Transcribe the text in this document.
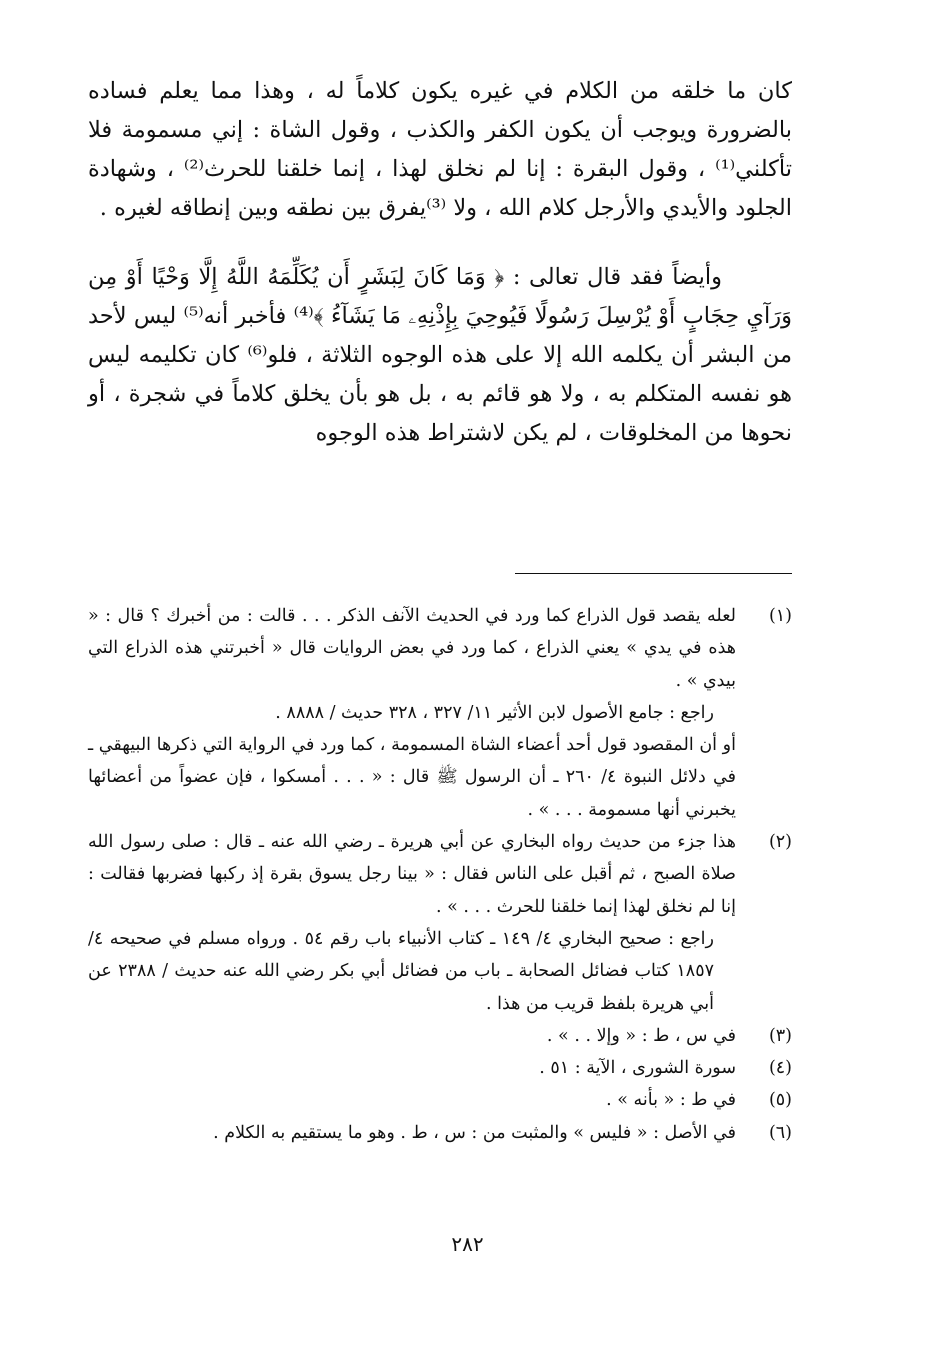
كان ما خلقه من الكلام في غيره يكون كلاماً له ، وهذا مما يعلم فساده بالضرورة ويوجب أن يكون الكفر والكذب ، وقول الشاة : إني مسمومة فلا تأكلني⁽¹⁾ ، وقول البقرة : إنا لم نخلق لهذا ، إنما خلقنا للحرث⁽²⁾ ، وشهادة الجلود والأيدي والأرجل كلام الله ، ولا ⁽³⁾يفرق بين نطقه وبين إنطاقه لغيره .

وأيضاً فقد قال تعالى : ﴿ وَمَا كَانَ لِبَشَرٍ أَن يُكَلِّمَهُ اللَّهُ إِلَّا وَحْيًا أَوْ مِن وَرَآيِ حِجَابٍ أَوْ يُرْسِلَ رَسُولًا فَيُوحِيَ بِإِذْنِهِۦ مَا يَشَآءُ ﴾⁽⁴⁾ فأخبر أنه⁽⁵⁾ ليس لأحد من البشر أن يكلمه الله إلا على هذه الوجوه الثلاثة ، فلو⁽⁶⁾ كان تكليمه ليس هو نفسه المتكلم به ، ولا هو قائم به ، بل هو بأن يخلق كلاماً في شجرة ، أو نحوها من المخلوقات ، لم يكن لاشتراط هذه الوجوه

(١)
لعله يقصد قول الذراع كما ورد في الحديث الآنف الذكر . . . قالت : من أخبرك ؟ قال : « هذه في يدي » يعني الذراع ، كما ورد في بعض الروايات قال « أخبرتني هذه الذراع التي بيدي » .
راجع : جامع الأصول لابن الأثير ١١/ ٣٢٧ ، ٣٢٨ حديث / ٨٨٨٨ .
أو أن المقصود قول أحد أعضاء الشاة المسمومة ، كما ورد في الرواية التي ذكرها البيهقي ـ في دلائل النبوة ٤/ ٢٦٠ ـ أن الرسول ﷺ قال : « . . . أمسكوا ، فإن عضواً من أعضائها يخبرني أنها مسمومة . . . » .
(٢)
هذا جزء من حديث رواه البخاري عن أبي هريرة ـ رضي الله عنه ـ قال : صلى رسول الله صلاة الصبح ، ثم أقبل على الناس فقال : « بينا رجل يسوق بقرة إذ ركبها فضربها فقالت : إنا لم نخلق لهذا إنما خلقنا للحرث . . . » .
راجع : صحيح البخاري ٤/ ١٤٩ ـ كتاب الأنبياء باب رقم ٥٤ . ورواه مسلم في صحيحه ٤/ ١٨٥٧ كتاب فضائل الصحابة ـ باب من فضائل أبي بكر رضي الله عنه حديث / ٢٣٨٨ عن أبي هريرة بلفظ قريب من هذا .
(٣)
في س ، ط : « وإلا . . » .
(٤)
سورة الشورى ، الآية : ٥١ .
(٥)
في ط : « بأنه » .
(٦)
في الأصل : « فليس » والمثبت من : س ، ط . وهو ما يستقيم به الكلام .
٢٨٢
